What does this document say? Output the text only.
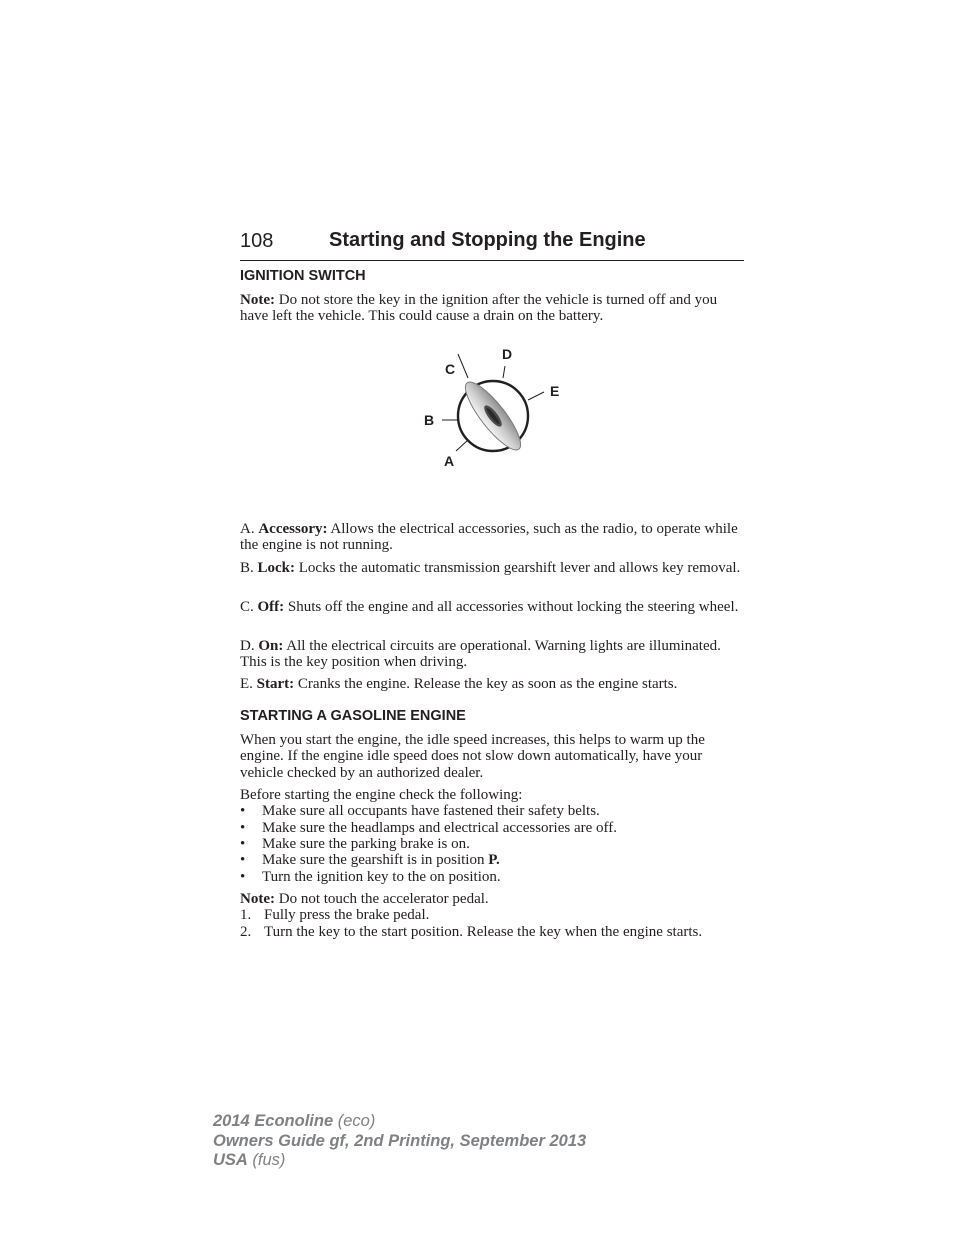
108	Starting and Stopping the Engine
IGNITION SWITCH
Note: Do not store the key in the ignition after the vehicle is turned off and you have left the vehicle. This could cause a drain on the battery.
C
D
E
B
A
A. Accessory: Allows the electrical accessories, such as the radio, to operate while the engine is not running.
B. Lock: Locks the automatic transmission gearshift lever and allows key removal.
C. Off: Shuts off the engine and all accessories without locking the steering wheel.
D. On: All the electrical circuits are operational. Warning lights are illuminated. This is the key position when driving.
E. Start: Cranks the engine. Release the key as soon as the engine starts.
STARTING A GASOLINE ENGINE
When you start the engine, the idle speed increases, this helps to warm up the engine. If the engine idle speed does not slow down automatically, have your vehicle checked by an authorized dealer.
Before starting the engine check the following:
• Make sure all occupants have fastened their safety belts.
• Make sure the headlamps and electrical accessories are off.
• Make sure the parking brake is on.
• Make sure the gearshift is in position P.
• Turn the ignition key to the on position.
Note: Do not touch the accelerator pedal.
1. Fully press the brake pedal.
2. Turn the key to the start position. Release the key when the engine starts.
2014 Econoline (eco)
Owners Guide gf, 2nd Printing, September 2013
USA (fus)
